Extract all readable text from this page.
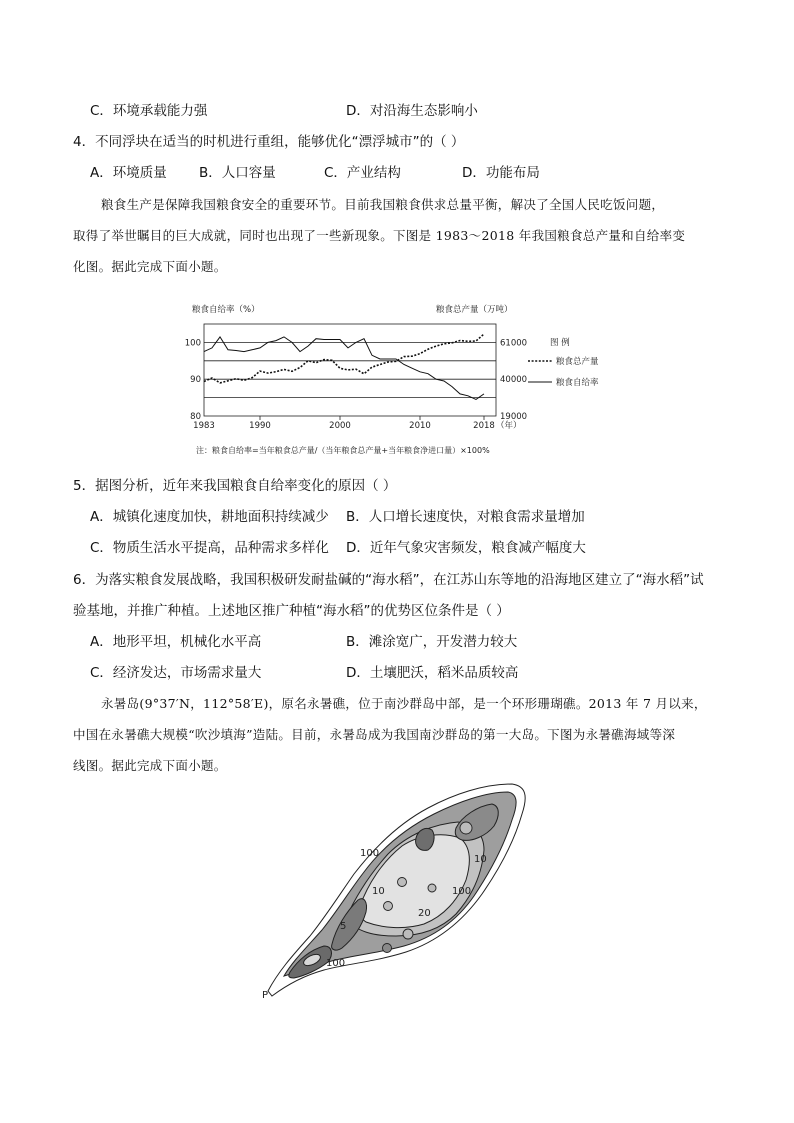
C．环境承载能力强	D．对沿海生态影响小
4．不同浮块在适当的时机进行重组，能够优化“漂浮城市”的（ ）
A．环境质量 B．人口容量	C．产业结构	D．功能布局
粮食生产是保障我国粮食安全的重要环节。目前我国粮食供求总量平衡，解决了全国人民吃饭问题，
取得了举世瞩目的巨大成就，同时也出现了一些新现象。下图是 1983～2018 年我国粮食总产量和自给率变
化图。据此完成下面小题。
粮食自给率（%）	粮食总产量（万吨）
100
90
80
61000
40000
19000
1983	1990	2000	2010	2018 （年）
图 例
粮食总产量
粮食自给率
注：粮食自给率=当年粮食总产量/（当年粮食总产量+当年粮食净进口量）×100%
5．据图分析，近年来我国粮食自给率变化的原因（ ）
A．城镇化速度加快，耕地面积持续减少 B．人口增长速度快，对粮食需求量增加
C．物质生活水平提高，品种需求多样化 D．近年气象灾害频发，粮食减产幅度大
6．为落实粮食发展战略，我国积极研发耐盐碱的“海水稻”，在江苏山东等地的沿海地区建立了“海水稻”试
验基地，并推广种植。上述地区推广种植“海水稻”的优势区位条件是（ ）
A．地形平坦，机械化水平高	B．滩涂宽广，开发潜力较大
C．经济发达，市场需求量大	D．土壤肥沃，稻米品质较高
永暑岛(9°37′N，112°58′E)，原名永暑礁，位于南沙群岛中部，是一个环形珊瑚礁。2013 年 7 月以来，
中国在永暑礁大规模“吹沙填海”造陆。目前，永暑岛成为我国南沙群岛的第一大岛。下图为永暑礁海域等深
线图。据此完成下面小题。
100
10
10	100
20
5
100
P
